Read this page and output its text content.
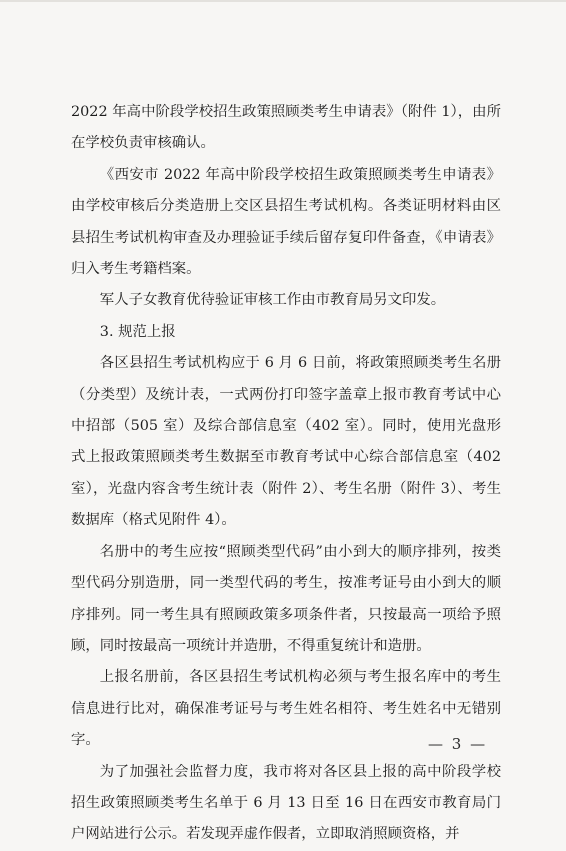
2022 年高中阶段学校招生政策照顾类考生申请表》（附件 1），由所在学校负责审核确认。

《西安市 2022 年高中阶段学校招生政策照顾类考生申请表》由学校审核后分类造册上交区县招生考试机构。各类证明材料由区县招生考试机构审查及办理验证手续后留存复印件备查，《申请表》归入考生考籍档案。

军人子女教育优待验证审核工作由市教育局另文印发。

3. 规范上报

各区县招生考试机构应于 6 月 6 日前，将政策照顾类考生名册（分类型）及统计表，一式两份打印签字盖章上报市教育考试中心中招部（505 室）及综合部信息室（402 室）。同时，使用光盘形式上报政策照顾类考生数据至市教育考试中心综合部信息室（402 室），光盘内容含考生统计表（附件 2）、考生名册（附件 3）、考生数据库（格式见附件 4）。

名册中的考生应按“照顾类型代码”由小到大的顺序排列，按类型代码分别造册，同一类型代码的考生，按准考证号由小到大的顺序排列。同一考生具有照顾政策多项条件者，只按最高一项给予照顾，同时按最高一项统计并造册，不得重复统计和造册。

上报名册前，各区县招生考试机构必须与考生报名库中的考生信息进行比对，确保准考证号与考生姓名相符、考生姓名中无错别字。

为了加强社会监督力度，我市将对各区县上报的高中阶段学校招生政策照顾类考生名单于 6 月 13 日至 16 日在西安市教育局门户网站进行公示。若发现弄虚作假者，立即取消照顾资格，并

— 3 —
